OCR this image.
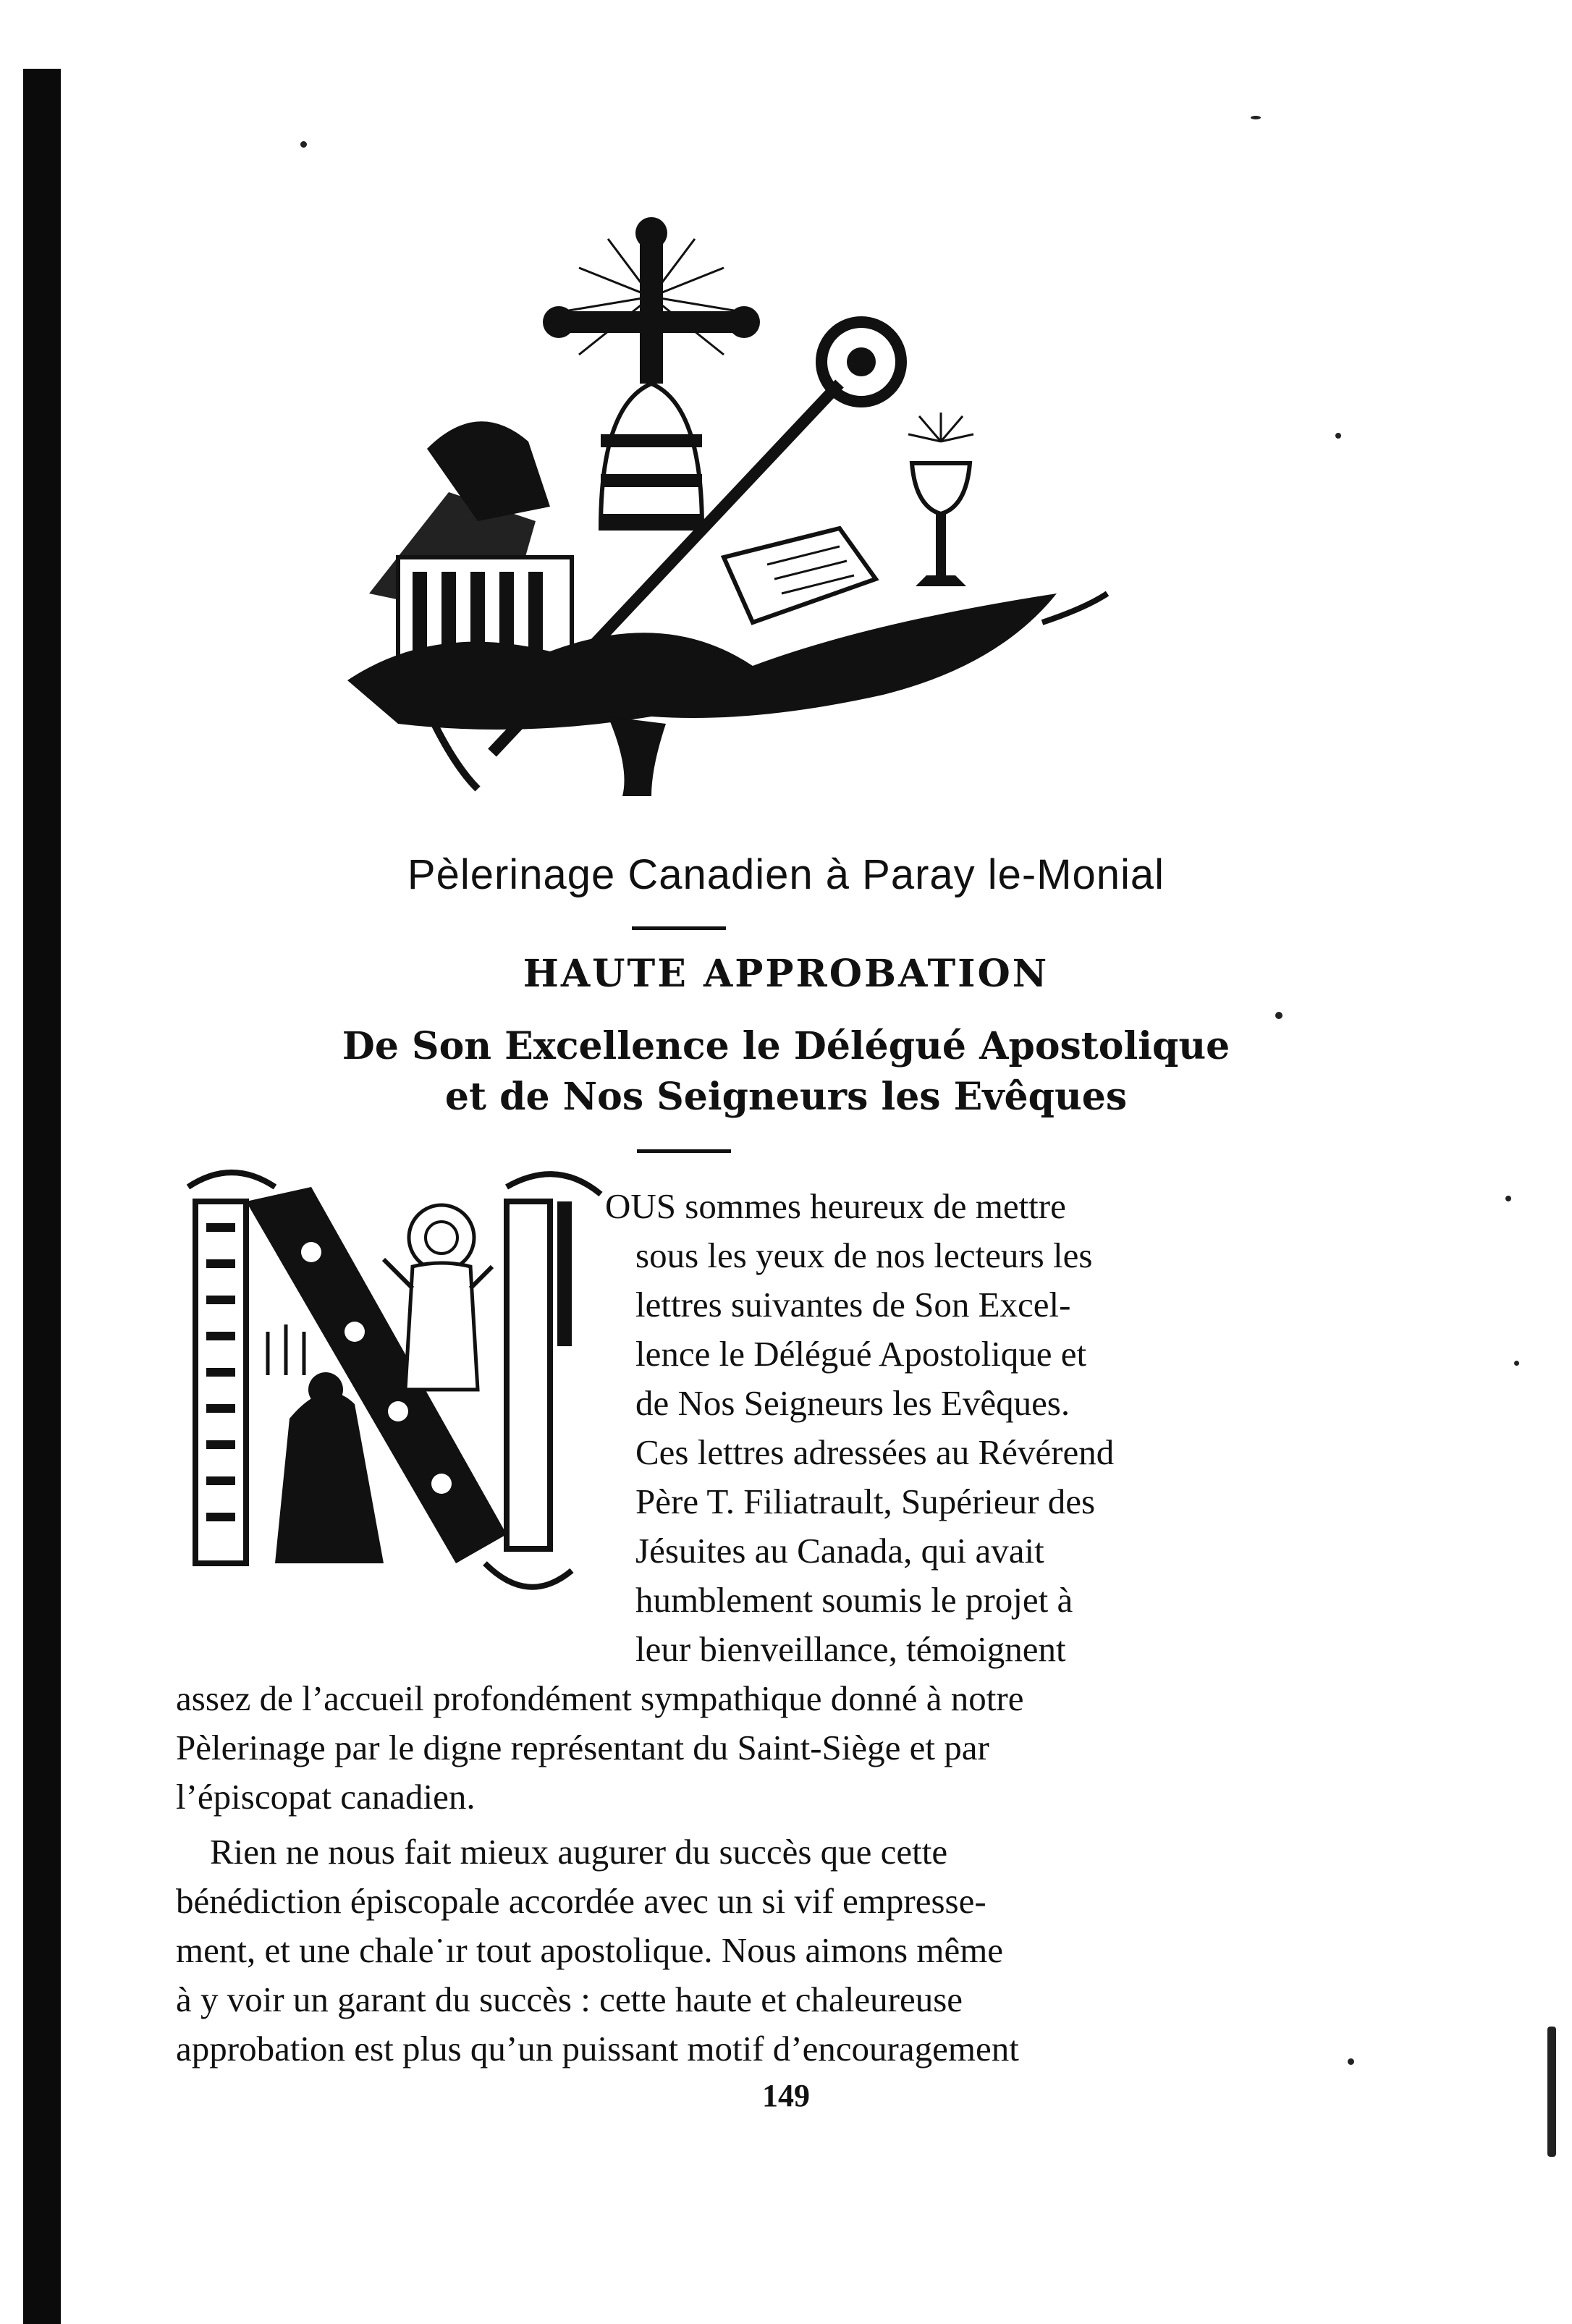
Pèlerinage Canadien à Paray le-Monial
HAUTE APPROBATION
De Son Excellence le Délégué Apostolique
et de Nos Seigneurs les Evêques
OUS sommes heureux de mettre
sous les yeux de nos lecteurs les
lettres suivantes de Son Excel-
lence le Délégué Apostolique et
de Nos Seigneurs les Evêques.
Ces lettres adressées au Révérend
Père T. Filiatrault, Supérieur des
Jésuites au Canada, qui avait
humblement soumis le projet à
leur bienveillance, témoignent
assez de l’accueil profondément sympathique donné à notre
Pèlerinage par le digne représentant du Saint-Siège et par
l’épiscopat canadien.
Rien ne nous fait mieux augurer du succès que cette
bénédiction épiscopale accordée avec un si vif empresse-
ment, et une chale˙ır tout apostolique. Nous aimons même
à y voir un garant du succès : cette haute et chaleureuse
approbation est plus qu’un puissant motif d’encouragement
149
